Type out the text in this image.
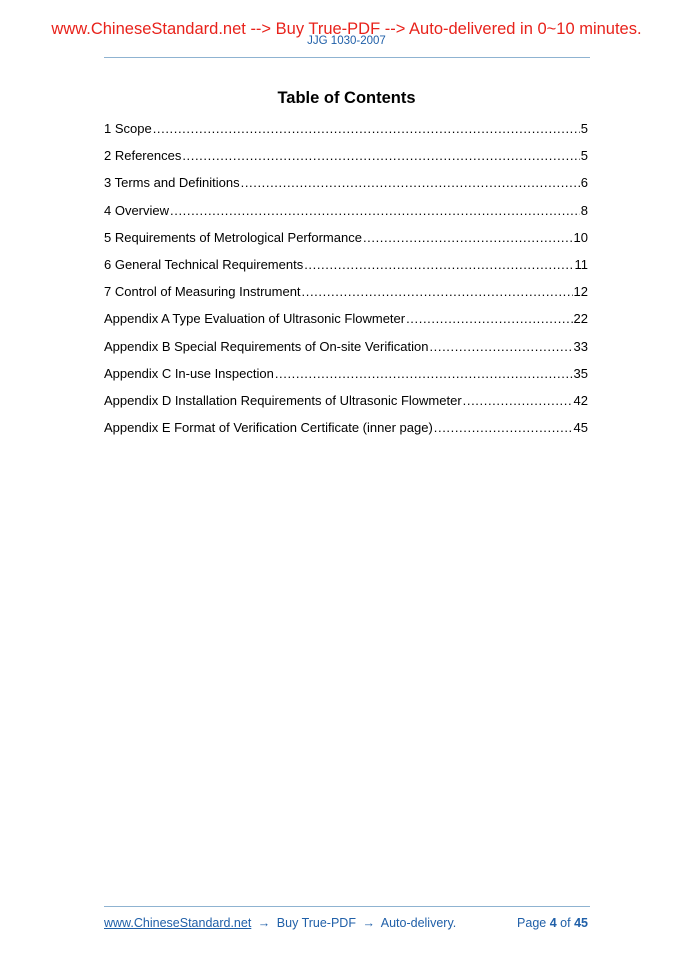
www.ChineseStandard.net --> Buy True-PDF --> Auto-delivered in 0~10 minutes.
JJG 1030-2007
Table of Contents
1 Scope .....	5
2 References .....	5
3 Terms and Definitions .....	6
4 Overview .....	8
5 Requirements of Metrological Performance .....	10
6 General Technical Requirements .....	11
7 Control of Measuring Instrument .....	12
Appendix A Type Evaluation of Ultrasonic Flowmeter .....	22
Appendix B Special Requirements of On-site Verification .....	33
Appendix C In-use Inspection .....	35
Appendix D Installation Requirements of Ultrasonic Flowmeter .....	42
Appendix E Format of Verification Certificate (inner page) .....	45
www.ChineseStandard.net → Buy True-PDF → Auto-delivery.	Page 4 of 45
